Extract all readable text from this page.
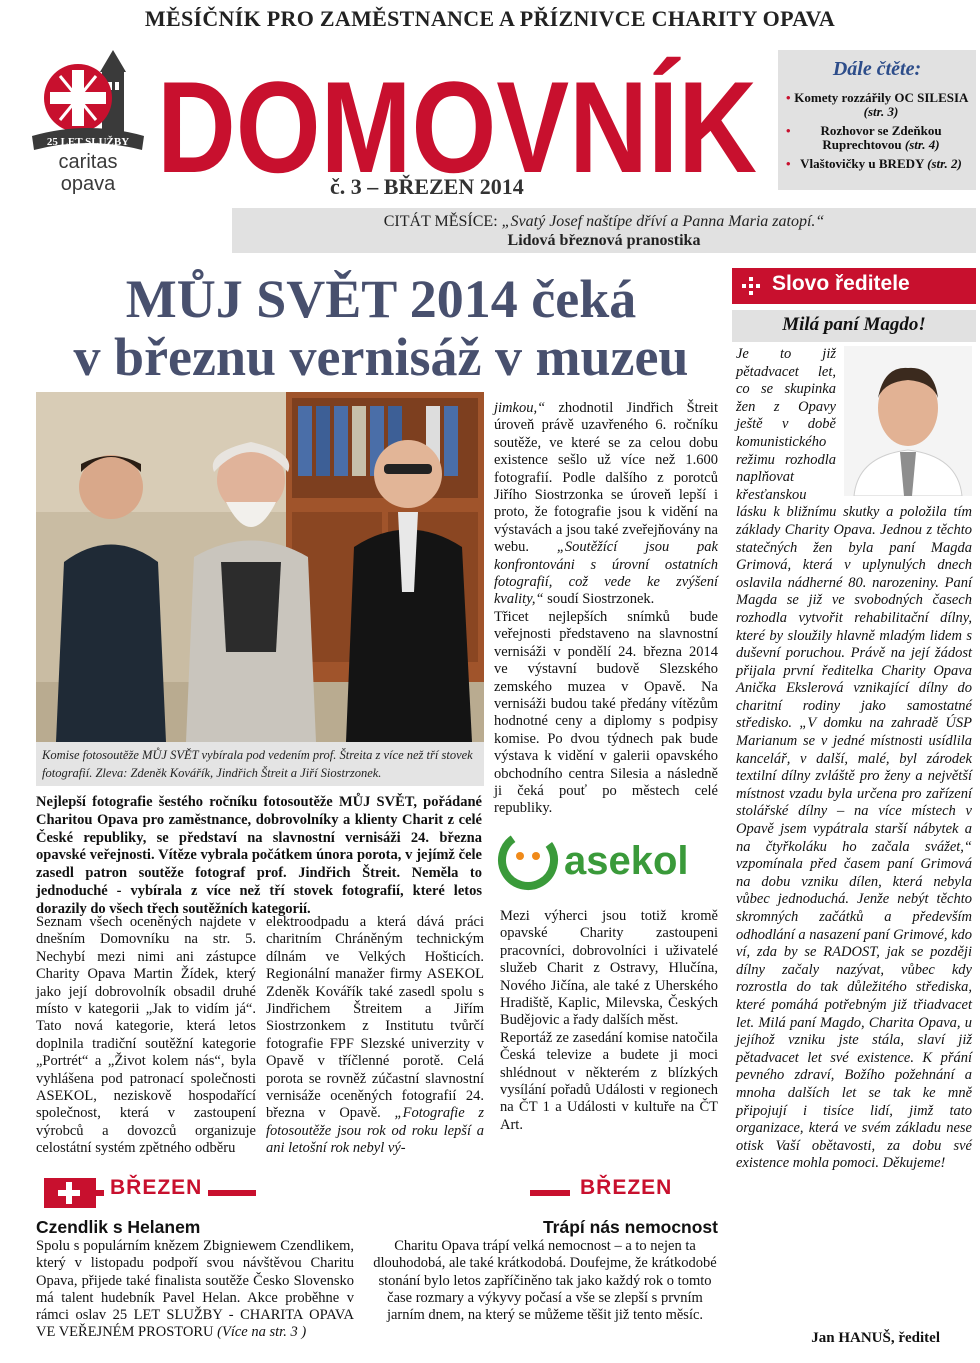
MĚSÍČNÍK PRO ZAMĚSTNANCE A PŘÍZNIVCE CHARITY OPAVA
25 LET SLUŽBY
caritas
opava DOMOVNÍK
č. 3 – BŘEZEN 2014
Dále čtěte:
• Komety rozzářily OC SILESIA (str. 3)
• Rozhovor se Zdeňkou Ruprechtovou (str. 4)
• Vlaštovičky u BREDY (str. 2)
CITÁT MĚSÍCE: „Svatý Josef naštípe dříví a Panna Maria zatopí.“
Lidová březnová pranostika
MŮJ SVĚT 2014 čeká
v březnu vernisáž v muzeu
Komise fotosoutěže MŮJ SVĚT vybírala pod vedením prof. Štreita z více než tří stovek fotografií. Zleva: Zdeněk Kovářík, Jindřich Štreit a Jiří Siostrzonek.
Nejlepší fotografie šestého ročníku fotosoutěže MŮJ SVĚT, pořádané Charitou Opava pro zaměstnance, dobrovolníky a klienty Charit z celé České republiky, se představí na slavnostní vernisáži 24. března opavské veřejnosti. Vítěze vybrala počátkem února porota, v jejímž čele zasedl patron soutěže fotograf prof. Jindřich Štreit. Neměla to jednoduché - vybírala z více než tří stovek fotografií, které letos dorazily do všech třech soutěžních kategorií.
Seznam všech oceněných najdete v dnešním Domovníku na str. 5. Nechybí mezi nimi ani zástupce Charity Opava Martin Žídek, který jako její dobrovolník obsadil druhé místo v kategorii „Jak to vidím já“. Tato nová kategorie, která letos doplnila tradiční soutěžní kategorie „Portrét“ a „Život kolem nás“, byla vyhlášena pod patronací společnosti ASEKOL, neziskově hospodařící společnost, která v zastoupení výrobců a dovozců organizuje celostátní systém zpětného odběru
elektroodpadu a která dává práci charitním Chráněným technickým dílnám ve Velkých Hošticích. Regionální manažer firmy ASEKOL Zdeněk Kovářík také zasedl spolu s Jindřichem Štreitem a Jiřím Siostrzonkem z Institutu tvůrčí fotografie FPF Slezské univerzity v Opavě v tříčlenné porotě. Celá porota se rovněž zúčastní slavnostní vernisáže oceněných fotografií 24. března v Opavě. „Fotografie z fotosoutěže jsou rok od roku lepší a ani letošní rok nebyl vý-
jimkou,“ zhodnotil Jindřich Štreit úroveň právě uzavřeného 6. ročníku soutěže, ve které se za celou dobu existence sešlo už více než 1.600 fotografií. Podle dalšího z porotců Jiřího Siostrzonka se úroveň lepší i proto, že fotografie jsou k vidění na výstavách a jsou také zveřejňovány na webu. „Soutěžící jsou pak konfrontováni s úrovní ostatních fotografií, což vede ke zvýšení kvality,“ soudí Siostrzonek.
Třicet nejlepších snímků bude veřejnosti představeno na slavnostní vernisáži v pondělí 24. března 2014 ve výstavní budově Slezského zemského muzea v Opavě. Na vernisáži budou také předány vítězům hodnotné ceny a diplomy s podpisy komise. Po dvou týdnech pak bude výstava k vidění v galerii opavského obchodního centra Silesia a následně ji čeká pouť po městech celé republiky.
asekol
Mezi výherci jsou totiž kromě opavské Charity zastoupeni pracovníci, dobrovolníci i uživatelé služeb Charit z Ostravy, Hlučína, Nového Jičína, ale také z Uherského Hradiště, Kaplic, Milevska, Českých Budějovic a řady dalších měst.
Reportáž ze zasedání komise natočila Česká televize a budete ji moci shlédnout v některém z blízkých vysílání pořadů Události v regionech na ČT 1 a Události v kultuře na ČT Art.
Slovo ředitele
Milá paní Magdo!
Je to již pětadvacet let, co se skupinka žen z Opavy ještě v době komunistického režimu rozhodla naplňovat křesťanskou lásku k bližnímu skutky a položila tím základy Charity Opava. Jednou z těchto statečných žen byla paní Magda Grimová, která v uplynulých dnech oslavila nádherné 80. narozeniny. Paní Magda se již ve svobodných časech rozhodla vytvořit rehabilitační dílny, které by sloužily hlavně mladým lidem s duševní poruchou. Právě na její žádost přijala první ředitelka Charity Opava Anička Ekslerová vznikající dílny do charitní rodiny jako samostatné středisko. „V domku na zahradě ÚSP Marianum se v jedné místnosti usídlila kancelář, v další, malé, byl zárodek textilní dílny zvláště pro ženy a největší místnost vzadu byla určena pro zařízení stolářské dílny – na více místech v Opavě jsem vypátrala starší nábytek a na čtyřkoláku ho začala svážet,“ vzpomínala před časem paní Grimová na dobu vzniku dílen, která nebyla vůbec jednoduchá. Jenže nebýt těchto skromných začátků a především odhodlání a nasazení paní Grimové, kdo ví, zda by se RADOST, jak se později dílny začaly nazývat, vůbec kdy rozrostla do tak důležitého střediska, které pomáhá potřebným již třiadvacet let. Milá paní Magdo, Charita Opava, u jejíhož vzniku jste stála, slaví již pětadvacet let své existence. K přání pevného zdraví, Božího požehnání a mnoha dalších let se tak ke mně připojují i tisíce lidí, jimž tato organizace, která ve svém základu nese otisk Vaší obětavosti, za dobu své existence mohla pomoci. Děkujeme!
Jan HANUŠ, ředitel
BŘEZEN	BŘEZEN
Czendlik s Helanem
Spolu s populárním knězem Zbigniewem Czendlikem, který v listopadu podpoří svou návštěvou Charitu Opava, přijede také finalista soutěže Česko Slovensko má talent hudebník Pavel Helan. Akce proběhne v rámci oslav 25 LET SLUŽBY - CHARITA OPAVA VE VEŘEJNÉM PROSTORU (Více na str. 3 )
Trápí nás nemocnost
Charitu Opava trápí velká nemocnost – a to nejen ta dlouhodobá, ale také krátkodobá. Doufejme, že krátkodobé stonání bylo letos zapříčiněno tak jako každý rok o tomto čase rozmary a výkyvy počasí a vše se zlepší s prvním jarním dnem, na který se můžeme těšit již tento měsíc.
